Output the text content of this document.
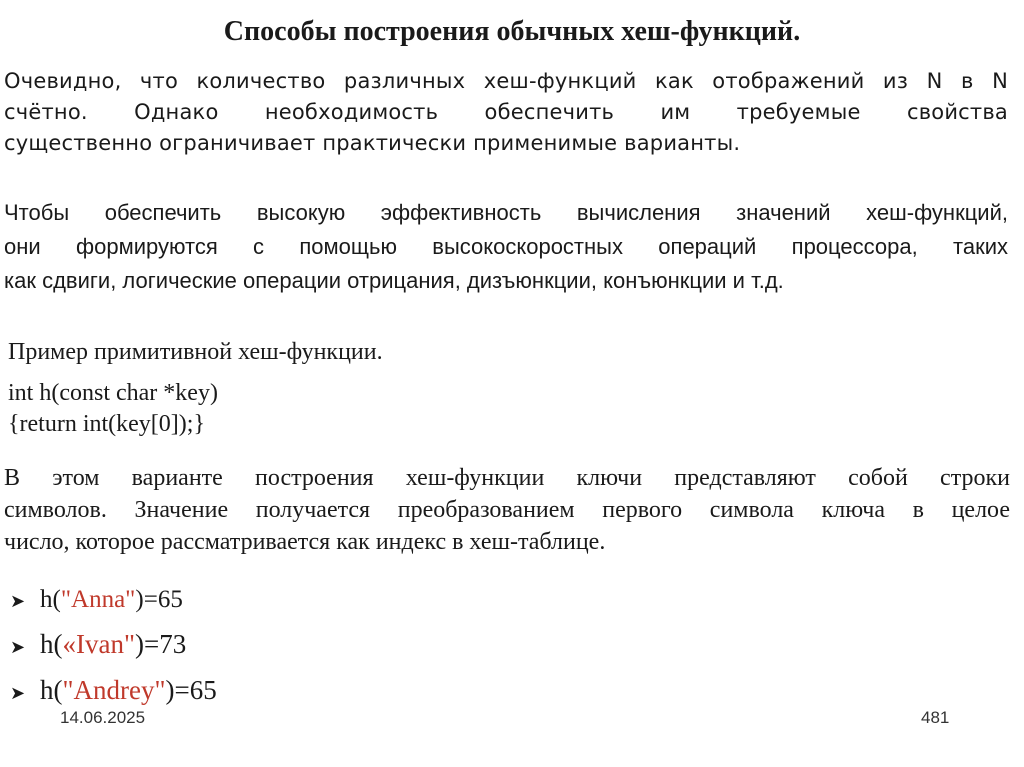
Способы построения обычных хеш-функций.
Очевидно, что количество различных хеш-функций как отображений из N в N
счётно. Однако необходимость обеспечить им требуемые свойства
существенно ограничивает практически применимые варианты.
Чтобы обеспечить высокую эффективность вычисления значений хеш-функций,
они формируются с помощью высокоскоростных операций процессора, таких
как сдвиги, логические операции отрицания, дизъюнкции, конъюнкции и т.д.
Пример примитивной хеш-функции.
int h(const char *key)
{return int(key[0]);}
В этом варианте построения хеш-функции ключи представляют собой строки
символов. Значение получается преобразованием первого символа ключа в целое
число, которое рассматривается как индекс в хеш-таблице.
➤ h( "Anna" )=65
➤ h( «Ivan" )=73
➤ h( "Andrey" )=65
14.06.2025	481
